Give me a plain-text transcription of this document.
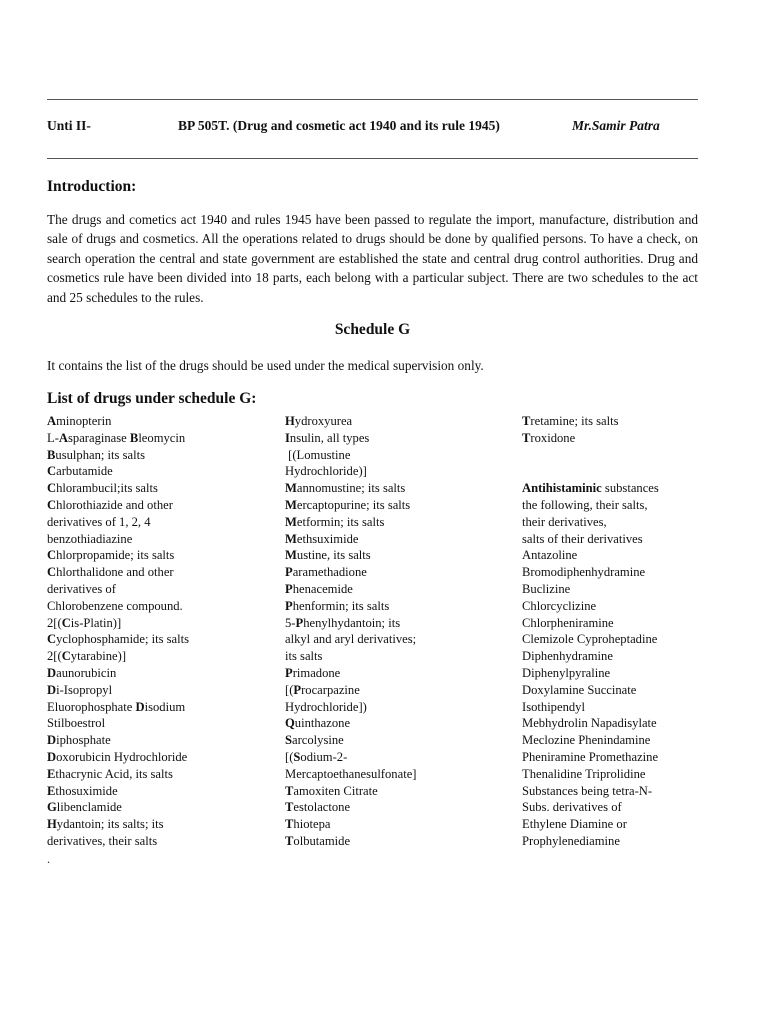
Unti II-	BP 505T. (Drug and cosmetic act 1940 and its rule 1945)	Mr.Samir Patra
Introduction:

The drugs and cometics act 1940 and rules 1945 have been passed to regulate the import, manufacture, distribution and sale of drugs and cosmetics. All the operations related to drugs should be done by qualified persons. To have a check, on search operation the central and state government are established the state and central drug control authorities. Drug and cosmetics rule have been divided into 18 parts, each belong with a particular subject. There are two schedules to the act and 25 schedules to the rules.

Schedule G

It contains the list of the drugs should be used under the medical supervision only.

List of drugs under schedule G:
Aminopterin
L-Asparaginase Bleomycin
Busulphan; its salts
Carbutamide
Chlorambucil;its salts
Chlorothiazide and other
derivatives of 1, 2, 4
benzothiadiazine
Chlorpropamide; its salts
Chlorthalidone and other
derivatives of
Chlorobenzene compound.
2[(Cis-Platin)]
Cyclophosphamide; its salts
2[(Cytarabine)]
Daunorubicin
Di-Isopropyl
Eluorophosphate Disodium
Stilboestrol
Diphosphate
Doxorubicin Hydrochloride
Ethacrynic Acid, its salts
Ethosuximide
Glibenclamide
Hydantoin; its salts; its
derivatives, their salts
Hydroxyurea
Insulin, all types
[(Lomustine
Hydrochloride)]
Mannomustine; its salts
Mercaptopurine; its salts
Metformin; its salts
Methsuximide
Mustine, its salts
Paramethadione
Phenacemide
Phenformin; its salts
5-Phenylhydantoin; its
alkyl and aryl derivatives;
its salts
Primadone
[(Procarpazine
Hydrochloride])
Quinthazone
Sarcolysine
[(Sodium-2-
Mercaptoethanesulfonate]
Tamoxiten Citrate
Testolactone
Thiotepa
Tolbutamide
Tretamine; its salts
Troxidone
Antihistaminic substances
the following, their salts,
their derivatives,
salts of their derivatives
Antazoline
Bromodiphenhydramine
Buclizine
Chlorcyclizine
Chlorpheniramine
Clemizole Cyproheptadine
Diphenhydramine
Diphenylpyraline
Doxylamine Succinate
Isothipendyl
Mebhydrolin Napadisylate
Meclozine Phenindamine
Pheniramine Promethazine
Thenalidine Triprolidine
Substances being tetra-N-
Subs. derivatives of
Ethylene Diamine or
Prophylenediamine
.
